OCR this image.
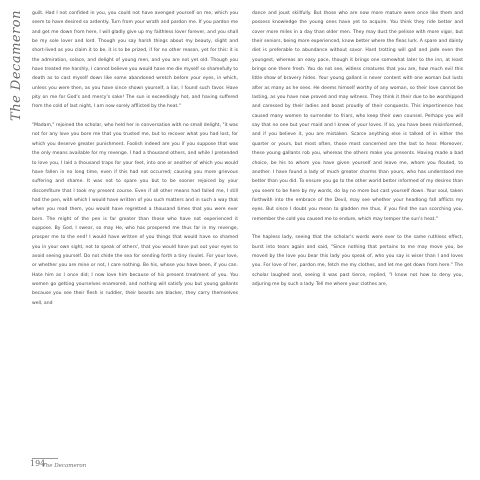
The Decameron guilt. Had I not confided in you, you could not have avenged yourself on me, which you seem to have desired so ardently. Turn from your wrath and pardon me. If you pardon me and get me down from here, I will gladly give up my faithless lover forever, and you shall be my sole lover and lord. Though you say harsh things about my beauty, slight and short-lived as you claim it to be, it is to be prized, if for no other reason, yet for this: it is the admiration, solace, and delight of young men, and you are not yet old. Though you have treated me harshly, I cannot believe you would have me die myself so shamefully to death as to cast myself down like some abandoned wretch before your eyes, in which, unless you were then, as you have since shown yourself, a liar, I found such favor. Have pity on me for God's and mercy's sake! The sun is exceedingly hot, and having suffered from the cold of last night, I am now sorely afflicted by the heat."

"Madam," rejoined the scholar, who held her in conversation with no small delight, "it was not for any love you bore me that you trusted me, but to recover what you had lost, for which you deserve greater punishment. Foolish indeed are you if you suppose that was the only means available for my revenge. I had a thousand others, and while I pretended to love you, I laid a thousand traps for your feet, into one or another of which you would have fallen in no long time, even if this had not occurred; causing you more grievous suffering and shame. It was not to spare you but to be sooner rejoiced by your discomfiture that I took my present course. Even if all other means had failed me, I still had the pen, with which I would have written of you such matters and in such a way that when you read them, you would have regretted a thousand times that you were ever born. The might of the pen is far greater than those who have not experienced it suppose. By God, I swear, so may He, who has prospered me thus far in my revenge, prosper me to the end! I would have written of you things that would have so shamed you in your own sight, not to speak of others', that you would have put out your eyes to avoid seeing yourself. Do not chide the sea for sending forth a tiny rivulet. For your love, or whether you are mine or not, I care nothing. Be his, whose you have been, if you can. Hate him as I once did; I now love him because of his present treatment of you. You women go getting yourselves enamored, and nothing will satisfy you but young gallants because you see their flesh is ruddier, their beards are blacker, they carry themselves well, and

dance and joust skillfully. But those who are now more mature were once like them and possess knowledge the young ones have yet to acquire. You think they ride better and cover more miles in a day than older men. They may dust the pelisse with more vigor, but their seniors, being more experienced, know better where the fleas lurk. A spare and dainty diet is preferable to abundance without savor. Hard trotting will gall and jade even the youngest, whereas an easy pace, though it brings one somewhat later to the inn, at least brings one there fresh. You do not see, witless creatures that you are, how much evil this little show of bravery hides. Your young gallant is never content with one woman but lusts after as many as he sees. He deems himself worthy of any woman, so their love cannot be lasting, as you have now proved and may witness. They think it their due to be worshipped and caressed by their ladies and boast proudly of their conquests. This impertinence has caused many women to surrender to friars, who keep their own counsel. Perhaps you will say that no one but your maid and I knew of your loves. If so, you have been misinformed, and if you believe it, you are mistaken. Scarce anything else is talked of in either the quarter or yours, but most often, those most concerned are the last to hear. Moreover, these young gallants rob you, whereas the others make you presents. Having made a bad choice, be his to whom you have given yourself and leave me, whom you flouted, to another. I have found a lady of much greater charms than yours, who has understood me better than you did. To ensure you go to the other world better informed of my desires than you seem to be here by my words, do lay no more but cast yourself down. Your soul, taken forthwith into the embrace of the Devil, may see whether your headlong fall afflicts my eyes. But since I doubt you mean to gladden me thus, if you find the sun scorching you, remember the cold you caused me to endure, which may temper the sun's heat."

The hapless lady, seeing that the scholar's words were ever to the same ruthless effect, burst into tears again and said, "Since nothing that pertains to me may move you, be moved by the love you bear this lady you speak of, who you say is wiser than I and loves you. For love of her, pardon me, fetch me my clothes, and let me get down from here." The scholar laughed and, seeing it was past tierce, replied, "I know not how to deny you, adjuring me by such a lady. Tell me where your clothes are,

194
The Decameron
